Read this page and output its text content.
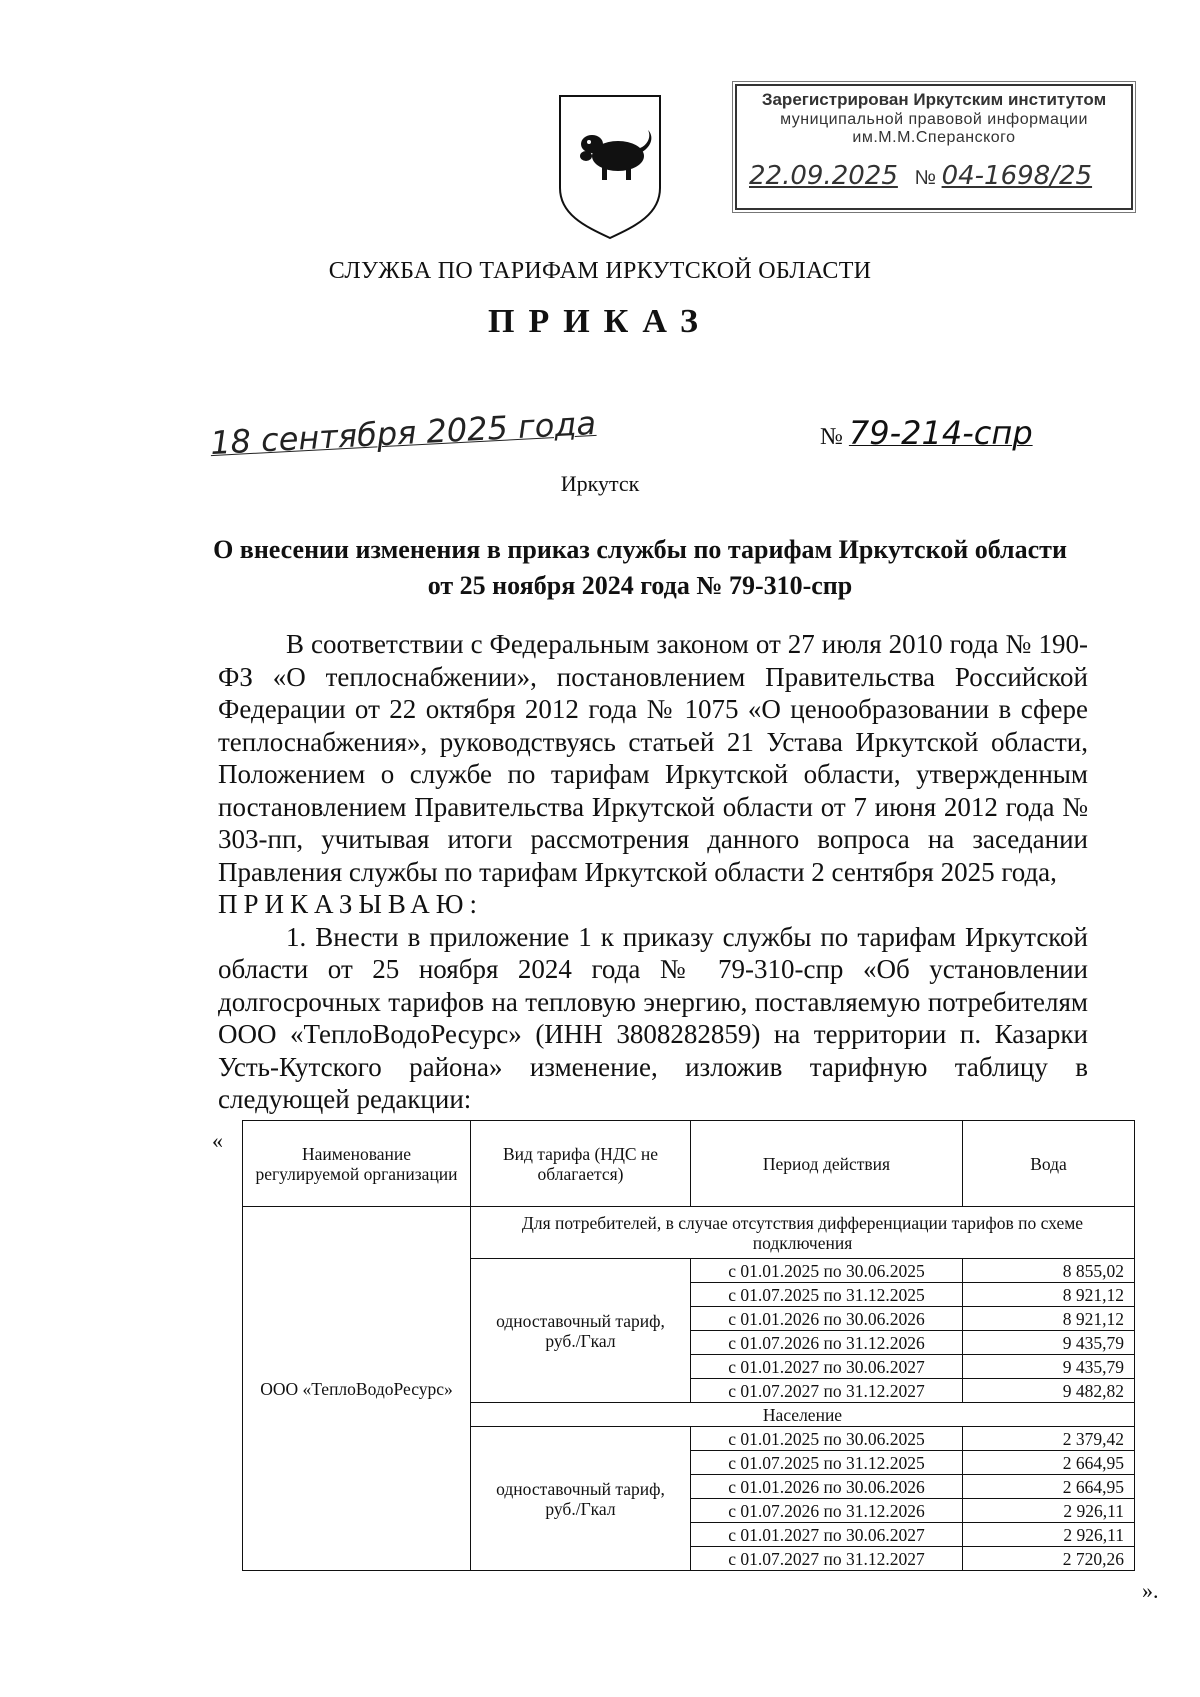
Зарегистрирован Иркутским институтом
муниципальной правовой информации
им.М.М.Сперанского
22.09.2025 № 04-1698/25
СЛУЖБА ПО ТАРИФАМ ИРКУТСКОЙ ОБЛАСТИ
ПРИКАЗ
18 сентября 2025 года	№ 79-214-спр
Иркутск
О внесении изменения в приказ службы по тарифам Иркутской области
от 25 ноября 2024 года № 79-310-спр

В соответствии с Федеральным законом от 27 июля 2010 года № 190-ФЗ «О теплоснабжении», постановлением Правительства Российской Федерации от 22 октября 2012 года № 1075 «О ценообразовании в сфере теплоснабжения», руководствуясь статьей 21 Устава Иркутской области, Положением о службе по тарифам Иркутской области, утвержденным постановлением Правительства Иркутской области от 7 июня 2012 года № 303-пп, учитывая итоги рассмотрения данного вопроса на заседании Правления службы по тарифам Иркутской области 2 сентября 2025 года,

ПРИКАЗЫВАЮ:

1. Внести в приложение 1 к приказу службы по тарифам Иркутской области от 25 ноября 2024 года № 79-310-спр «Об установлении долгосрочных тарифов на тепловую энергию, поставляемую потребителям ООО «ТеплоВодоРесурс» (ИНН 3808282859) на территории п. Казарки Усть-Кутского района» изменение, изложив тарифную таблицу в следующей редакции:

«
Наименование регулируемой организации	Вид тарифа (НДС не облагается)	Период действия	Вода
ООО «ТеплоВодоРесурс»	Для потребителей, в случае отсутствия дифференциации тарифов по схеме подключения		
	одноставочный тариф, руб./Гкал	с 01.01.2025 по 30.06.2025	8 855,02
		с 01.07.2025 по 31.12.2025	8 921,12
		с 01.01.2026 по 30.06.2026	8 921,12
		с 01.07.2026 по 31.12.2026	9 435,79
		с 01.01.2027 по 30.06.2027	9 435,79
		с 01.07.2027 по 31.12.2027	9 482,82
	Население		
	одноставочный тариф, руб./Гкал	с 01.01.2025 по 30.06.2025	2 379,42
		с 01.07.2025 по 31.12.2025	2 664,95
		с 01.01.2026 по 30.06.2026	2 664,95
		с 01.07.2026 по 31.12.2026	2 926,11
		с 01.01.2027 по 30.06.2027	2 926,11
		с 01.07.2027 по 31.12.2027	2 720,26
».
